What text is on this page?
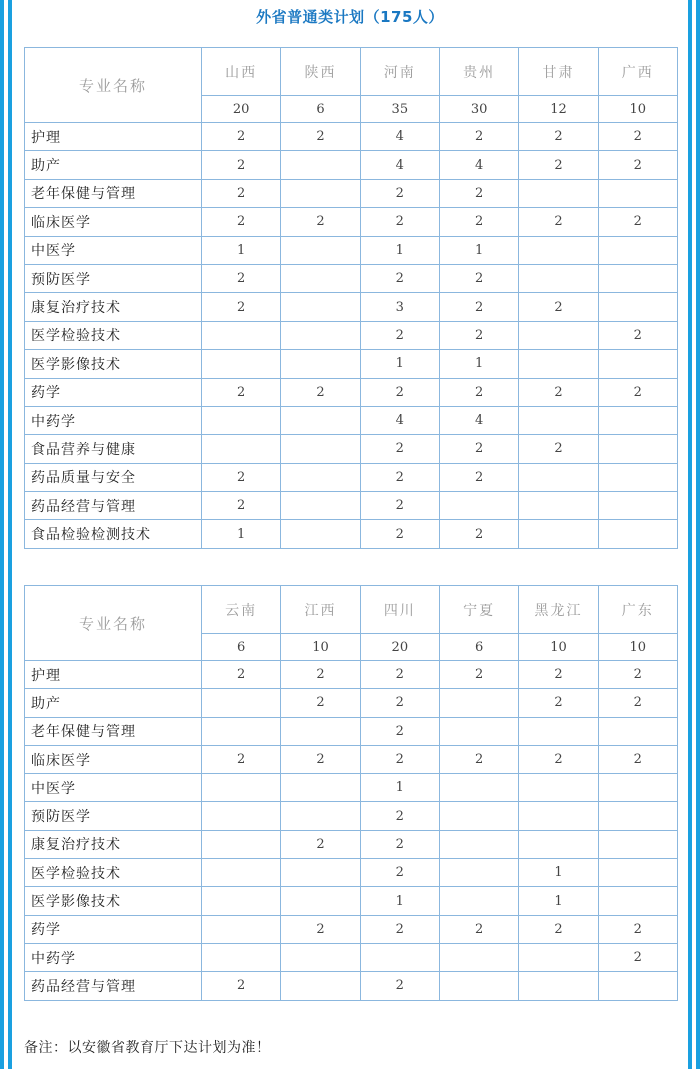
外省普通类计划（175人）
专业名称	山西	陕西	河南	贵州	甘肃	广西
	20	6	35	30	12	10
护理	2	2	4	2	2	2
助产	2		4	4	2	2
老年保健与管理	2		2	2		
临床医学	2	2	2	2	2	2
中医学	1		1	1		
预防医学	2		2	2		
康复治疗技术	2		3	2	2	
医学检验技术			2	2		2
医学影像技术			1	1		
药学	2	2	2	2	2	2
中药学			4	4		
食品营养与健康			2	2	2	
药品质量与安全	2		2	2		
药品经营与管理	2		2			
食品检验检测技术	1		2	2		
专业名称	云南	江西	四川	宁夏	黑龙江	广东
	6	10	20	6	10	10
护理	2	2	2	2	2	2
助产		2	2		2	2
老年保健与管理			2			
临床医学	2	2	2	2	2	2
中医学			1			
预防医学			2			
康复治疗技术		2	2			
医学检验技术			2		1	
医学影像技术			1		1	
药学		2	2	2	2	2
中药学						2
药品经营与管理	2		2			
备注：以安徽省教育厅下达计划为准！
